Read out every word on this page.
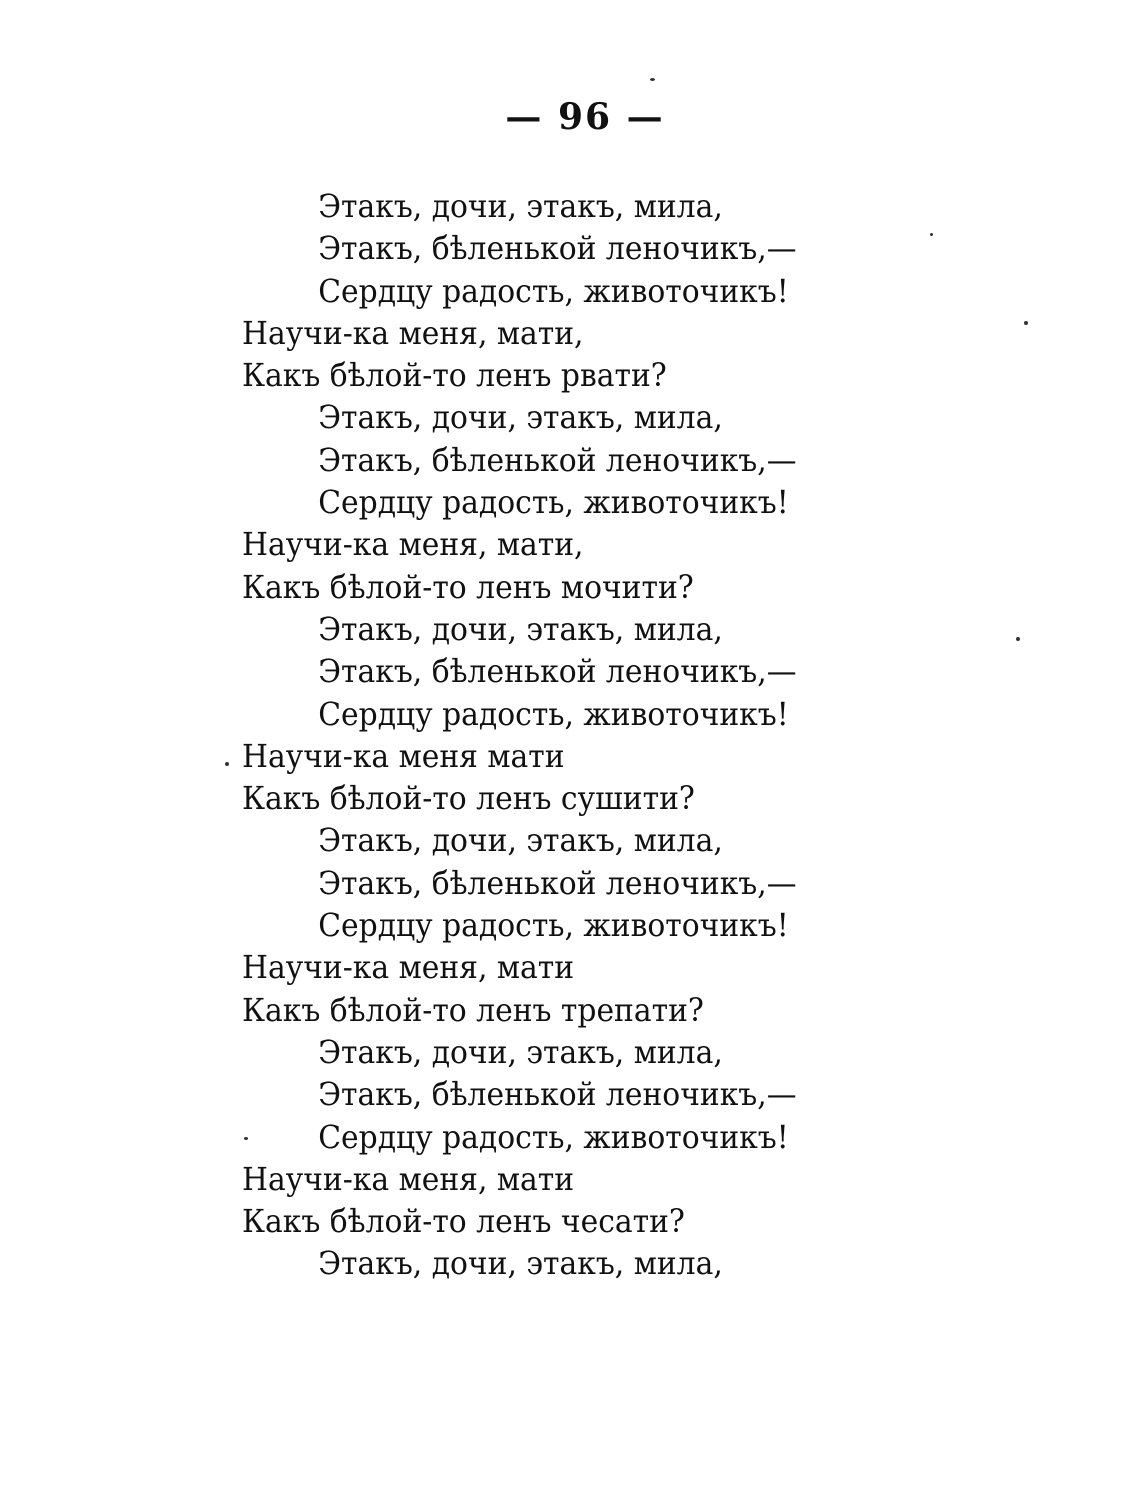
— 96 —
Этакъ, дочи, этакъ, мила,
Этакъ, бѣленькой леночикъ,—
Сердцу радость, животочикъ!
Научи-ка меня, мати,
Какъ бѣлой-то ленъ рвати?
Этакъ, дочи, этакъ, мила,
Этакъ, бѣленькой леночикъ,—
Сердцу радость, животочикъ!
Научи-ка меня, мати,
Какъ бѣлой-то ленъ мочити?
Этакъ, дочи, этакъ, мила,
Этакъ, бѣленькой леночикъ,—
Сердцу радость, животочикъ!
Научи-ка меня мати
Какъ бѣлой-то ленъ сушити?
Этакъ, дочи, этакъ, мила,
Этакъ, бѣленькой леночикъ,—
Сердцу радость, животочикъ!
Научи-ка меня, мати
Какъ бѣлой-то ленъ трепати?
Этакъ, дочи, этакъ, мила,
Этакъ, бѣленькой леночикъ,—
Сердцу радость, животочикъ!
Научи-ка меня, мати
Какъ бѣлой-то ленъ чесати?
Этакъ, дочи, этакъ, мила,
